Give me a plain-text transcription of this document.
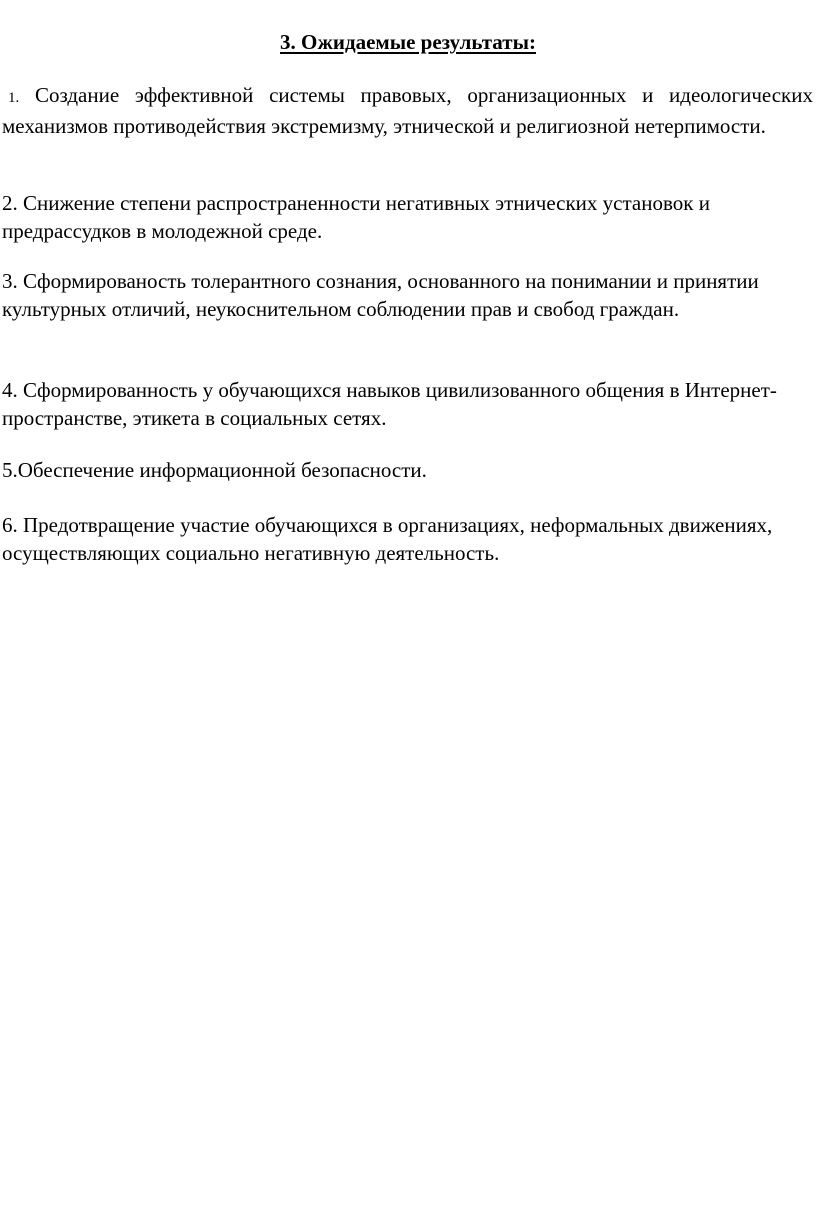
3. Ожидаемые результаты:

1. Создание эффективной системы правовых, организационных и идеологических механизмов противодействия экстремизму, этнической и религиозной нетерпимости.

2. Снижение степени распространенности негативных этнических установок и предрассудков в молодежной среде.

3. Сформированость толерантного сознания, основанного на понимании и принятии культурных отличий, неукоснительном соблюдении прав и свобод граждан.

4. Сформированность у обучающихся навыков цивилизованного общения в Интернет-пространстве, этикета в социальных сетях.

5.Обеспечение информационной безопасности.

6. Предотвращение участие обучающихся в организациях, неформальных движениях, осуществляющих социально негативную деятельность.
